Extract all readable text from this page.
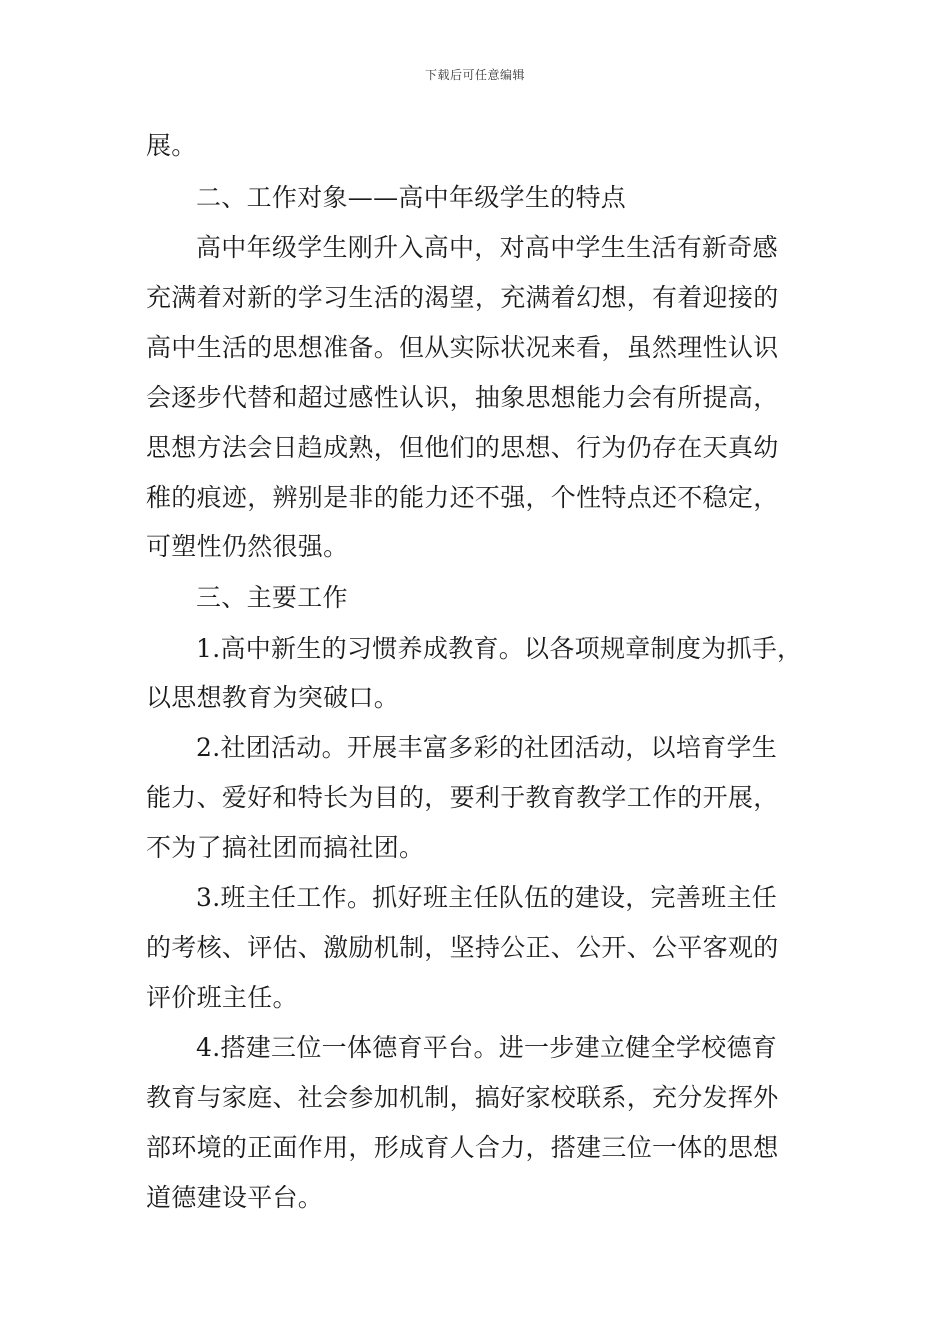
下载后可任意编辑
展。
二、工作对象——高中年级学生的特点
高中年级学生刚升入高中，对高中学生生活有新奇感
充满着对新的学习生活的渴望，充满着幻想，有着迎接的
高中生活的思想准备。但从实际状况来看，虽然理性认识
会逐步代替和超过感性认识，抽象思想能力会有所提高，
思想方法会日趋成熟，但他们的思想、行为仍存在天真幼
稚的痕迹，辨别是非的能力还不强，个性特点还不稳定，
可塑性仍然很强。
三、主要工作
1.高中新生的习惯养成教育。以各项规章制度为抓手，
以思想教育为突破口。
2.社团活动。开展丰富多彩的社团活动，以培育学生
能力、爱好和特长为目的，要利于教育教学工作的开展，
不为了搞社团而搞社团。
3.班主任工作。抓好班主任队伍的建设，完善班主任
的考核、评估、激励机制，坚持公正、公开、公平客观的
评价班主任。
4.搭建三位一体德育平台。进一步建立健全学校德育
教育与家庭、社会参加机制，搞好家校联系，充分发挥外
部环境的正面作用，形成育人合力，搭建三位一体的思想
道德建设平台。
